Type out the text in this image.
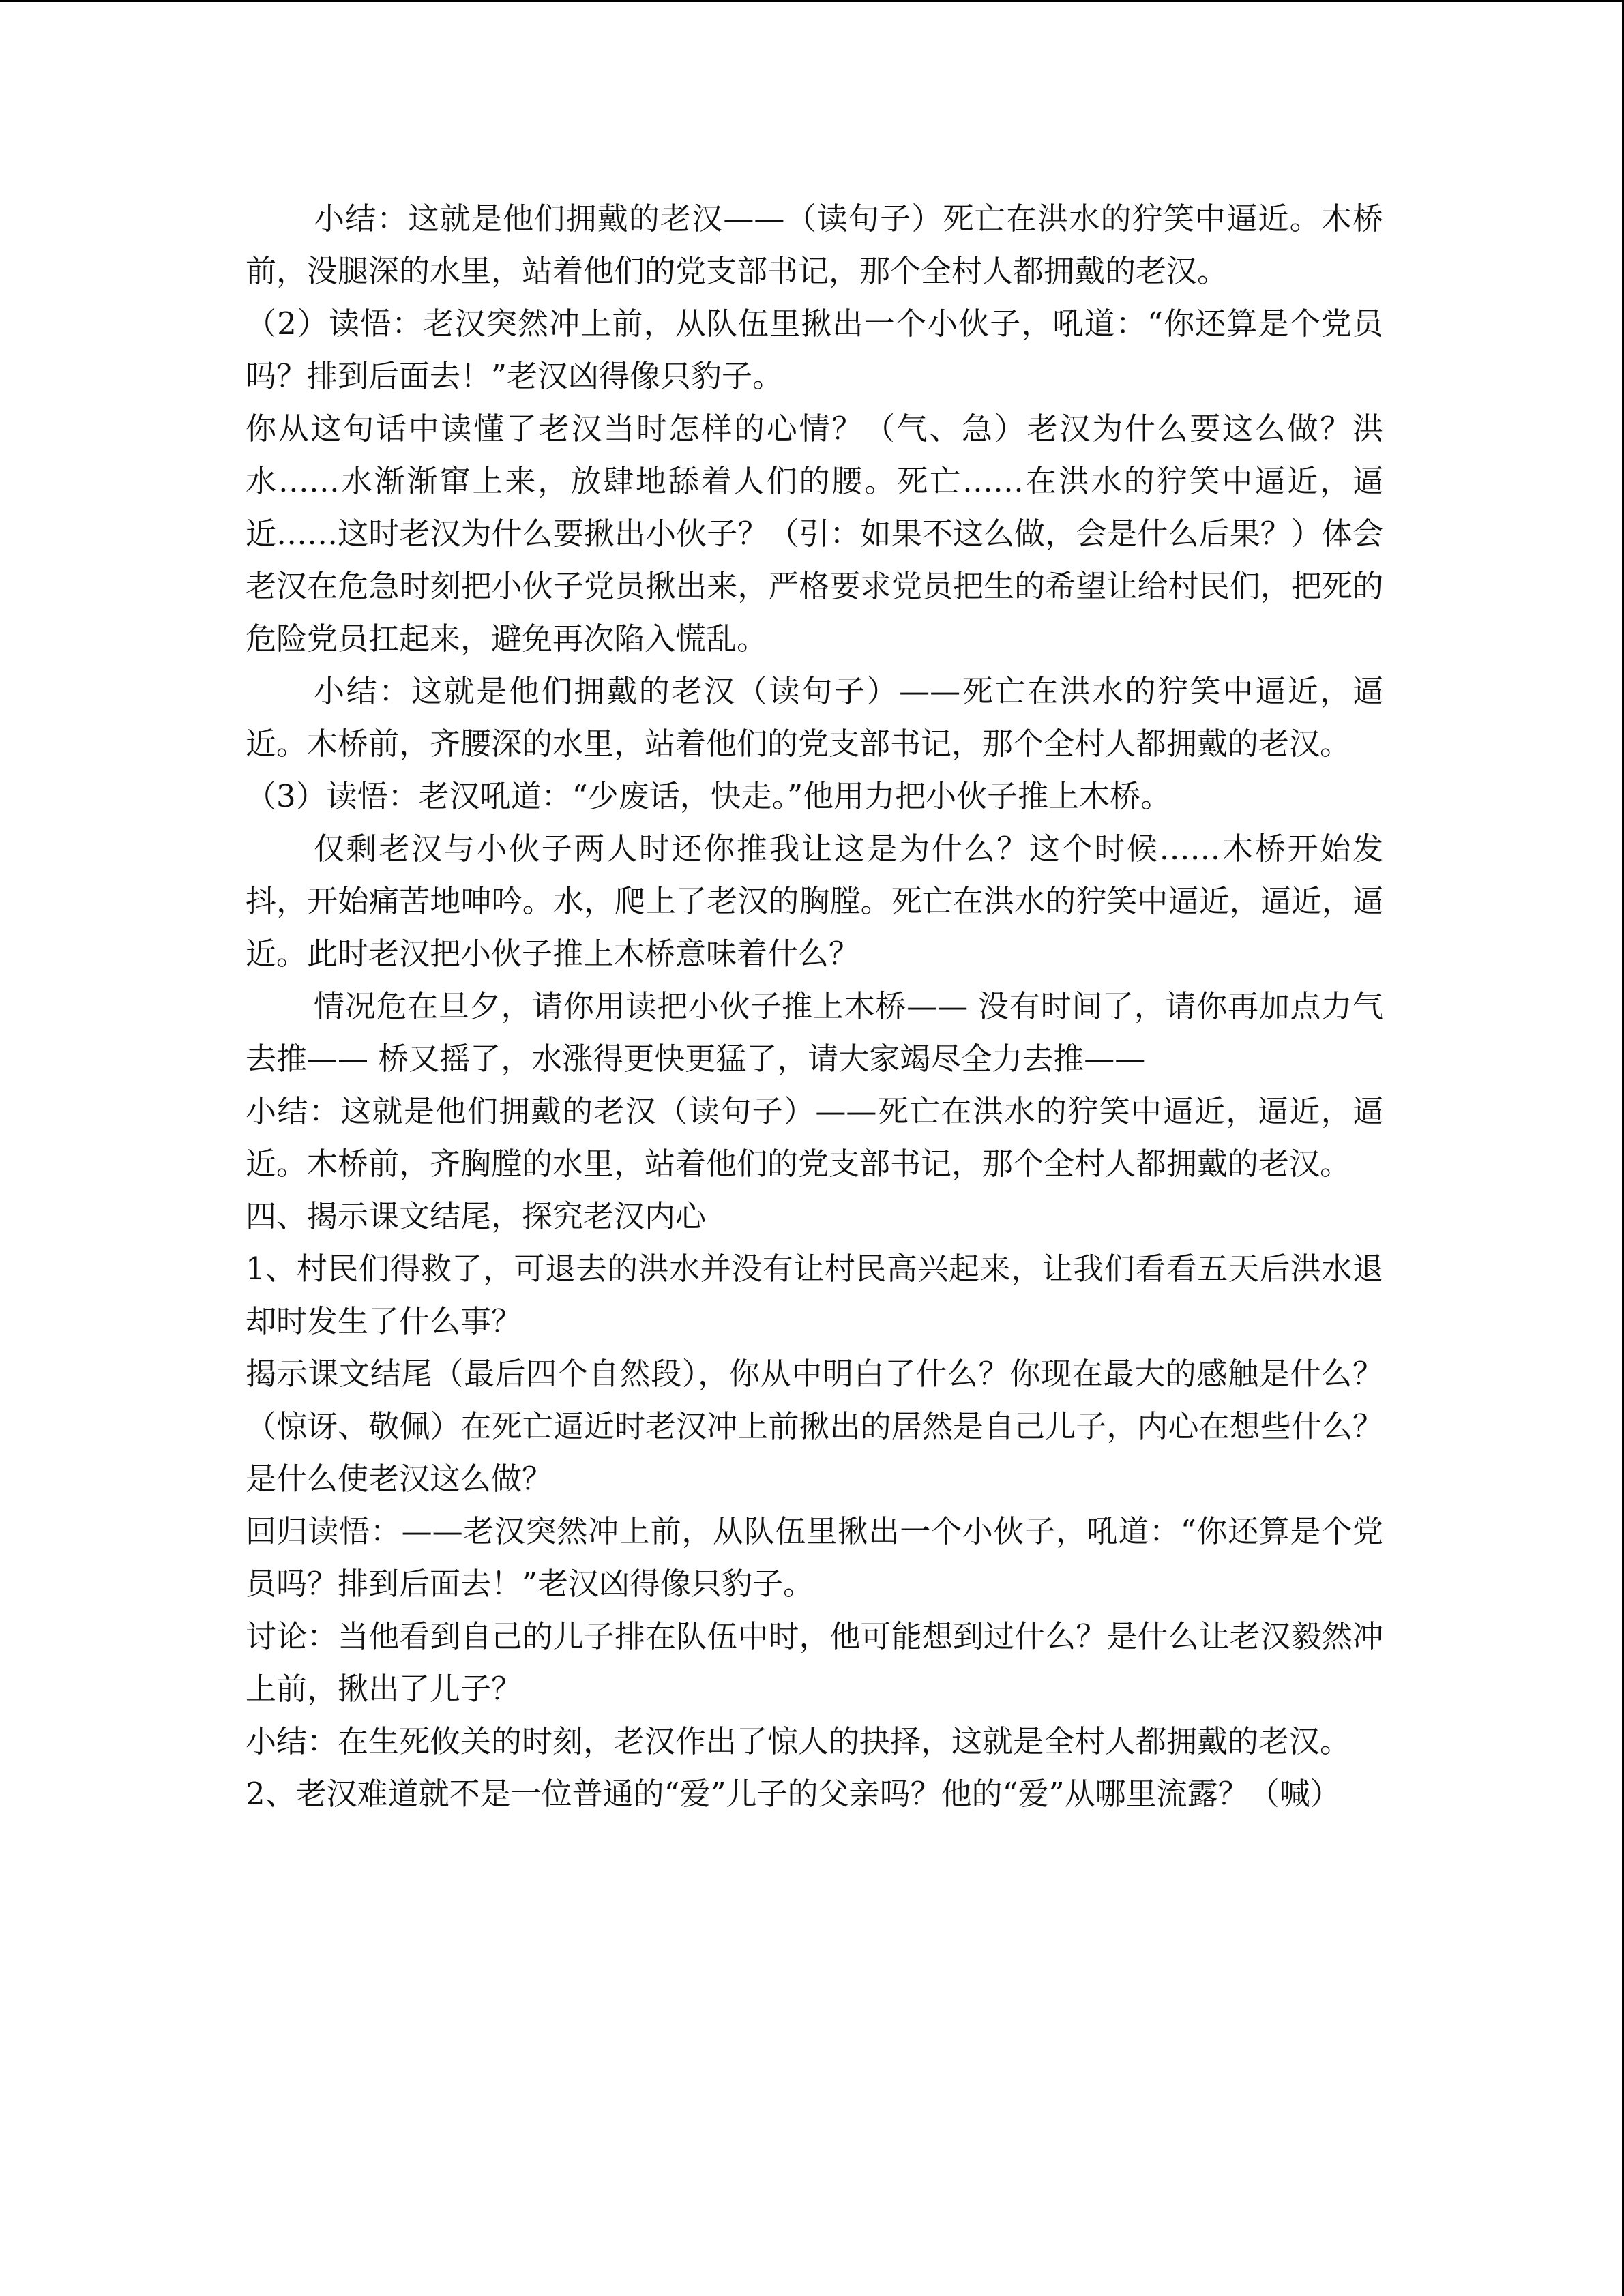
小结：这就是他们拥戴的老汉——（读句子）死亡在洪水的狞笑中逼近。木桥前，没腿深的水里，站着他们的党支部书记，那个全村人都拥戴的老汉。

（2）读悟：老汉突然冲上前，从队伍里揪出一个小伙子，吼道：“你还算是个党员吗？排到后面去！”老汉凶得像只豹子。

你从这句话中读懂了老汉当时怎样的心情？（气、急）老汉为什么要这么做？洪水……水渐渐窜上来，放肆地舔着人们的腰。死亡……在洪水的狞笑中逼近，逼近……这时老汉为什么要揪出小伙子？（引：如果不这么做，会是什么后果？）体会老汉在危急时刻把小伙子党员揪出来，严格要求党员把生的希望让给村民们，把死的危险党员扛起来，避免再次陷入慌乱。

小结：这就是他们拥戴的老汉（读句子）——死亡在洪水的狞笑中逼近，逼近。木桥前，齐腰深的水里，站着他们的党支部书记，那个全村人都拥戴的老汉。

（3）读悟：老汉吼道：“少废话，快走。”他用力把小伙子推上木桥。

仅剩老汉与小伙子两人时还你推我让这是为什么？这个时候……木桥开始发抖，开始痛苦地呻吟。水，爬上了老汉的胸膛。死亡在洪水的狞笑中逼近，逼近，逼近。此时老汉把小伙子推上木桥意味着什么？

情况危在旦夕，请你用读把小伙子推上木桥—— 没有时间了，请你再加点力气去推—— 桥又摇了，水涨得更快更猛了，请大家竭尽全力去推——

小结：这就是他们拥戴的老汉（读句子）——死亡在洪水的狞笑中逼近，逼近，逼近。木桥前，齐胸膛的水里，站着他们的党支部书记，那个全村人都拥戴的老汉。

四、揭示课文结尾，探究老汉内心

1、村民们得救了，可退去的洪水并没有让村民高兴起来，让我们看看五天后洪水退却时发生了什么事？

揭示课文结尾（最后四个自然段），你从中明白了什么？你现在最大的感触是什么？（惊讶、敬佩）在死亡逼近时老汉冲上前揪出的居然是自己儿子，内心在想些什么？是什么使老汉这么做？

回归读悟：——老汉突然冲上前，从队伍里揪出一个小伙子，吼道：“你还算是个党员吗？排到后面去！”老汉凶得像只豹子。

讨论：当他看到自己的儿子排在队伍中时，他可能想到过什么？是什么让老汉毅然冲上前，揪出了儿子？

小结：在生死攸关的时刻，老汉作出了惊人的抉择，这就是全村人都拥戴的老汉。

2、老汉难道就不是一位普通的“爱”儿子的父亲吗？他的“爱”从哪里流露？（喊）
